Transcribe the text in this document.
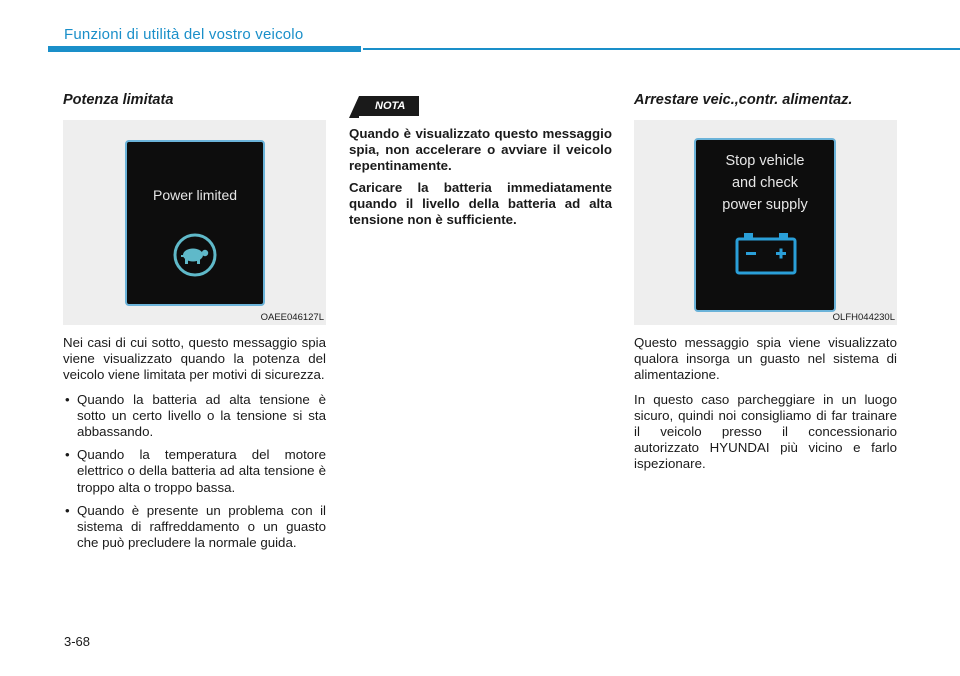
Funzioni di utilità del vostro veicolo
Potenza limitata
Power limited
OAEE046127L

Nei casi di cui sotto, questo messaggio spia viene visualizzato quando la potenza del veicolo viene limitata per motivi di sicurezza.

• Quando la batteria ad alta tensione è sotto un certo livello o la tensione si sta abbassando.
• Quando la temperatura del motore elettrico o della batteria ad alta tensione è troppo alta o troppo bassa.
• Quando è presente un problema con il sistema di raffreddamento o un guasto che può precludere la normale guida.
NOTA

Quando è visualizzato questo messaggio spia, non accelerare o avviare il veicolo repentinamente.

Caricare la batteria immediatamente quando il livello della batteria ad alta tensione non è sufficiente.

Arrestare veic.,contr. alimentaz.
Stop vehicle
and check
power supply
OLFH044230L

Questo messaggio spia viene visualizzato qualora insorga un guasto nel sistema di alimentazione.

In questo caso parcheggiare in un luogo sicuro, quindi noi consigliamo di far trainare il veicolo presso il concessionario autorizzato HYUNDAI più vicino e farlo ispezionare.

3-68
